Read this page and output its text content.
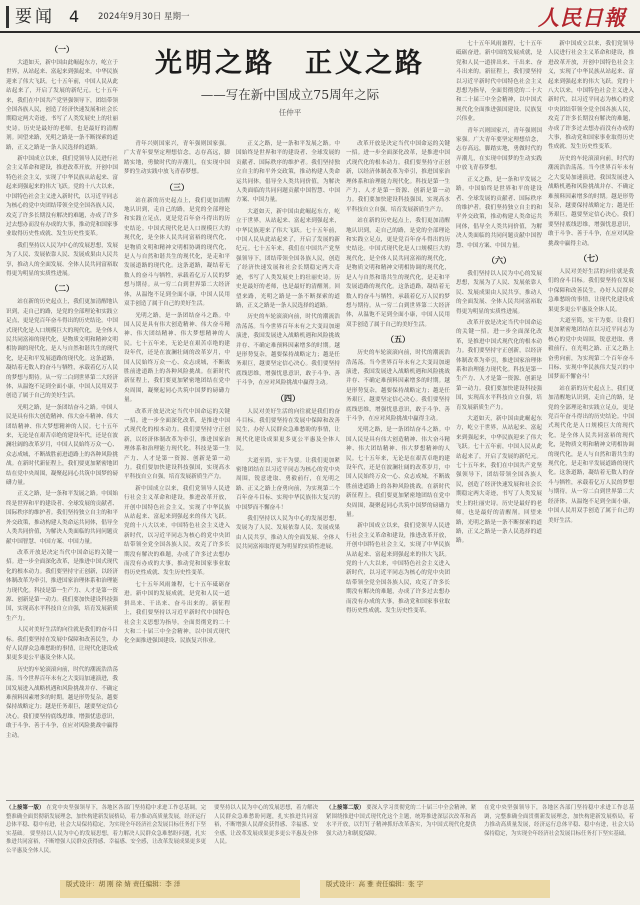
要闻 4 2024年9月30日 星期一	人民日報
光明之路　正义之路
——写在新中国成立75周年之际
任仲平
（一）

大道如天，新中国由此崛起东方，屹立于世界，从站起来、富起来到强起来，中华民族迎来了伟大飞跃。七十五年前，中国人民从此站起来了，开启了发展的新纪元。七十五年来，我们在中国共产党坚强领导下，团结带领全国各族人民，创造了经济快速发展和社会长期稳定两大奇迹，书写了人类发展史上的壮丽史诗。历史是最好的老师，也是最好的清醒剂。回望来路，光明之路是一条不断探索的道路，正义之路是一条人民选择的道路。

新中国成立以来，我们党领导人民进行社会主义革命和建设，推进改革开放，开创中国特色社会主义，实现了中华民族从站起来、富起来到强起来的伟大飞跃。党的十八大以来，中国特色社会主义进入新时代，以习近平同志为核心的党中央团结带领全党全国各族人民，攻克了许多长期没有解决的难题，办成了许多过去想办而没有办成的大事，推动党和国家事业取得历史性成就、发生历史性变革。

我们坚持以人民为中心的发展思想，发展为了人民、发展依靠人民、发展成果由人民共享，推动人的全面发展、全体人民共同富裕取得更为明显的实质性进展。

（二）

站在新的历史起点上，我们更加清醒地认识到，走自己的路，是党的全部理论和实践立足点，更是党百年奋斗得出的历史结论。中国式现代化是人口规模巨大的现代化，是全体人民共同富裕的现代化，是物质文明和精神文明相协调的现代化，是人与自然和谐共生的现代化，是走和平发展道路的现代化。这条道路，凝结着无数人的奋斗与牺牲，承载着亿万人民的梦想与期待。从一穷二白到世界第二大经济体，从温饱不足到全面小康，中国人民用双手创造了属于自己的美好生活。

光明之路，是一条团结奋斗之路。中国人民是具有伟大创造精神、伟大奋斗精神、伟大团结精神、伟大梦想精神的人民。七十五年来，无论是在艰苦卓绝的建设年代，还是在波澜壮阔的改革岁月，中国人民始终万众一心、众志成城，不断战胜前进道路上的各种风险挑战。在新时代新征程上，我们要更加紧密地团结在党中央周围，凝聚起同心共筑中国梦的磅礴力量。

正义之路，是一条和平发展之路。中国始终是世界和平的建设者、全球发展的贡献者、国际秩序的维护者。我们坚持独立自主的和平外交政策，推动构建人类命运共同体，倡导全人类共同价值，为解决人类面临的共同问题贡献中国智慧、中国方案、中国力量。

改革开放是决定当代中国命运的关键一招。进一步全面深化改革，是推进中国式现代化的根本动力。我们要坚持守正创新，以经济体制改革为牵引，推进国家治理体系和治理能力现代化。科技是第一生产力、人才是第一资源、创新是第一动力。我们要加快建设科技强国，实现高水平科技自立自强，培育发展新质生产力。

人民对美好生活的向往就是我们的奋斗目标。我们要坚持在发展中保障和改善民生，办好人民群众急难愁盼的事情，让现代化建设成果更多更公平惠及全体人民。

历史的车轮滚滚向前，时代的潮流浩浩荡荡。当今世界百年未有之大变局加速演进，我国发展进入战略机遇和风险挑战并存、不确定难预料因素增多的时期。越是形势复杂，越要保持战略定力；越是任务艰巨，越要坚定信心决心。我们要坚持底线思维，增强忧患意识，敢于斗争、善于斗争，在应对风险挑战中赢得主动。

青年兴则国家兴，青年强则国家强。广大青年要坚定理想信念，志存高远，脚踏实地，勇做时代的弄潮儿，在实现中国梦的生动实践中放飞青春梦想。

（三）

站在新的历史起点上，我们更加清醒地认识到，走自己的路，是党的全部理论和实践立足点，更是党百年奋斗得出的历史结论。中国式现代化是人口规模巨大的现代化，是全体人民共同富裕的现代化，是物质文明和精神文明相协调的现代化，是人与自然和谐共生的现代化，是走和平发展道路的现代化。这条道路，凝结着无数人的奋斗与牺牲，承载着亿万人民的梦想与期待。从一穷二白到世界第二大经济体，从温饱不足到全面小康，中国人民用双手创造了属于自己的美好生活。

光明之路，是一条团结奋斗之路。中国人民是具有伟大创造精神、伟大奋斗精神、伟大团结精神、伟大梦想精神的人民。七十五年来，无论是在艰苦卓绝的建设年代，还是在波澜壮阔的改革岁月，中国人民始终万众一心、众志成城，不断战胜前进道路上的各种风险挑战。在新时代新征程上，我们要更加紧密地团结在党中央周围，凝聚起同心共筑中国梦的磅礴力量。

改革开放是决定当代中国命运的关键一招。进一步全面深化改革，是推进中国式现代化的根本动力。我们要坚持守正创新，以经济体制改革为牵引，推进国家治理体系和治理能力现代化。科技是第一生产力、人才是第一资源、创新是第一动力。我们要加快建设科技强国，实现高水平科技自立自强，培育发展新质生产力。

新中国成立以来，我们党领导人民进行社会主义革命和建设，推进改革开放，开创中国特色社会主义，实现了中华民族从站起来、富起来到强起来的伟大飞跃。党的十八大以来，中国特色社会主义进入新时代，以习近平同志为核心的党中央团结带领全党全国各族人民，攻克了许多长期没有解决的难题，办成了许多过去想办而没有办成的大事，推动党和国家事业取得历史性成就、发生历史性变革。

七十五年风雨兼程，七十五年砥砺奋进。新中国的发展成就，是党和人民一道拼出来、干出来、奋斗出来的。新征程上，我们要坚持以习近平新时代中国特色社会主义思想为指导，全面贯彻党的二十大和二十届三中全会精神，以中国式现代化全面推进强国建设、民族复兴伟业。

正义之路，是一条和平发展之路。中国始终是世界和平的建设者、全球发展的贡献者、国际秩序的维护者。我们坚持独立自主的和平外交政策，推动构建人类命运共同体，倡导全人类共同价值，为解决人类面临的共同问题贡献中国智慧、中国方案、中国力量。

大道如天，新中国由此崛起东方，屹立于世界，从站起来、富起来到强起来，中华民族迎来了伟大飞跃。七十五年前，中国人民从此站起来了，开启了发展的新纪元。七十五年来，我们在中国共产党坚强领导下，团结带领全国各族人民，创造了经济快速发展和社会长期稳定两大奇迹，书写了人类发展史上的壮丽史诗。历史是最好的老师，也是最好的清醒剂。回望来路，光明之路是一条不断探索的道路，正义之路是一条人民选择的道路。

历史的车轮滚滚向前，时代的潮流浩浩荡荡。当今世界百年未有之大变局加速演进，我国发展进入战略机遇和风险挑战并存、不确定难预料因素增多的时期。越是形势复杂，越要保持战略定力；越是任务艰巨，越要坚定信心决心。我们要坚持底线思维，增强忧患意识，敢于斗争、善于斗争，在应对风险挑战中赢得主动。

（四）

人民对美好生活的向往就是我们的奋斗目标。我们要坚持在发展中保障和改善民生，办好人民群众急难愁盼的事情，让现代化建设成果更多更公平惠及全体人民。

大道至简，实干为要。让我们更加紧密地团结在以习近平同志为核心的党中央周围，锐意进取、勇毅前行，在光明之路、正义之路上奋勇向前，为实现第二个百年奋斗目标、实现中华民族伟大复兴的中国梦而不懈奋斗！

我们坚持以人民为中心的发展思想，发展为了人民、发展依靠人民、发展成果由人民共享，推动人的全面发展、全体人民共同富裕取得更为明显的实质性进展。

改革开放是决定当代中国命运的关键一招。进一步全面深化改革，是推进中国式现代化的根本动力。我们要坚持守正创新，以经济体制改革为牵引，推进国家治理体系和治理能力现代化。科技是第一生产力、人才是第一资源、创新是第一动力。我们要加快建设科技强国，实现高水平科技自立自强，培育发展新质生产力。

站在新的历史起点上，我们更加清醒地认识到，走自己的路，是党的全部理论和实践立足点，更是党百年奋斗得出的历史结论。中国式现代化是人口规模巨大的现代化，是全体人民共同富裕的现代化，是物质文明和精神文明相协调的现代化，是人与自然和谐共生的现代化，是走和平发展道路的现代化。这条道路，凝结着无数人的奋斗与牺牲，承载着亿万人民的梦想与期待。从一穷二白到世界第二大经济体，从温饱不足到全面小康，中国人民用双手创造了属于自己的美好生活。

（五）

历史的车轮滚滚向前，时代的潮流浩浩荡荡。当今世界百年未有之大变局加速演进，我国发展进入战略机遇和风险挑战并存、不确定难预料因素增多的时期。越是形势复杂，越要保持战略定力；越是任务艰巨，越要坚定信心决心。我们要坚持底线思维，增强忧患意识，敢于斗争、善于斗争，在应对风险挑战中赢得主动。

光明之路，是一条团结奋斗之路。中国人民是具有伟大创造精神、伟大奋斗精神、伟大团结精神、伟大梦想精神的人民。七十五年来，无论是在艰苦卓绝的建设年代，还是在波澜壮阔的改革岁月，中国人民始终万众一心、众志成城，不断战胜前进道路上的各种风险挑战。在新时代新征程上，我们要更加紧密地团结在党中央周围，凝聚起同心共筑中国梦的磅礴力量。

新中国成立以来，我们党领导人民进行社会主义革命和建设，推进改革开放，开创中国特色社会主义，实现了中华民族从站起来、富起来到强起来的伟大飞跃。党的十八大以来，中国特色社会主义进入新时代，以习近平同志为核心的党中央团结带领全党全国各族人民，攻克了许多长期没有解决的难题，办成了许多过去想办而没有办成的大事，推动党和国家事业取得历史性成就、发生历史性变革。

七十五年风雨兼程，七十五年砥砺奋进。新中国的发展成就，是党和人民一道拼出来、干出来、奋斗出来的。新征程上，我们要坚持以习近平新时代中国特色社会主义思想为指导，全面贯彻党的二十大和二十届三中全会精神，以中国式现代化全面推进强国建设、民族复兴伟业。

青年兴则国家兴，青年强则国家强。广大青年要坚定理想信念，志存高远，脚踏实地，勇做时代的弄潮儿，在实现中国梦的生动实践中放飞青春梦想。

正义之路，是一条和平发展之路。中国始终是世界和平的建设者、全球发展的贡献者、国际秩序的维护者。我们坚持独立自主的和平外交政策，推动构建人类命运共同体，倡导全人类共同价值，为解决人类面临的共同问题贡献中国智慧、中国方案、中国力量。

（六）

我们坚持以人民为中心的发展思想，发展为了人民、发展依靠人民、发展成果由人民共享，推动人的全面发展、全体人民共同富裕取得更为明显的实质性进展。

改革开放是决定当代中国命运的关键一招。进一步全面深化改革，是推进中国式现代化的根本动力。我们要坚持守正创新，以经济体制改革为牵引，推进国家治理体系和治理能力现代化。科技是第一生产力、人才是第一资源、创新是第一动力。我们要加快建设科技强国，实现高水平科技自立自强，培育发展新质生产力。

大道如天，新中国由此崛起东方，屹立于世界，从站起来、富起来到强起来，中华民族迎来了伟大飞跃。七十五年前，中国人民从此站起来了，开启了发展的新纪元。七十五年来，我们在中国共产党坚强领导下，团结带领全国各族人民，创造了经济快速发展和社会长期稳定两大奇迹，书写了人类发展史上的壮丽史诗。历史是最好的老师，也是最好的清醒剂。回望来路，光明之路是一条不断探索的道路，正义之路是一条人民选择的道路。

新中国成立以来，我们党领导人民进行社会主义革命和建设，推进改革开放，开创中国特色社会主义，实现了中华民族从站起来、富起来到强起来的伟大飞跃。党的十八大以来，中国特色社会主义进入新时代，以习近平同志为核心的党中央团结带领全党全国各族人民，攻克了许多长期没有解决的难题，办成了许多过去想办而没有办成的大事，推动党和国家事业取得历史性成就、发生历史性变革。

历史的车轮滚滚向前，时代的潮流浩浩荡荡。当今世界百年未有之大变局加速演进，我国发展进入战略机遇和风险挑战并存、不确定难预料因素增多的时期。越是形势复杂，越要保持战略定力；越是任务艰巨，越要坚定信心决心。我们要坚持底线思维，增强忧患意识，敢于斗争、善于斗争，在应对风险挑战中赢得主动。

（七）

人民对美好生活的向往就是我们的奋斗目标。我们要坚持在发展中保障和改善民生，办好人民群众急难愁盼的事情，让现代化建设成果更多更公平惠及全体人民。

大道至简，实干为要。让我们更加紧密地团结在以习近平同志为核心的党中央周围，锐意进取、勇毅前行，在光明之路、正义之路上奋勇向前，为实现第二个百年奋斗目标、实现中华民族伟大复兴的中国梦而不懈奋斗！

站在新的历史起点上，我们更加清醒地认识到，走自己的路，是党的全部理论和实践立足点，更是党百年奋斗得出的历史结论。中国式现代化是人口规模巨大的现代化，是全体人民共同富裕的现代化，是物质文明和精神文明相协调的现代化，是人与自然和谐共生的现代化，是走和平发展道路的现代化。这条道路，凝结着无数人的奋斗与牺牲，承载着亿万人民的梦想与期待。从一穷二白到世界第二大经济体，从温饱不足到全面小康，中国人民用双手创造了属于自己的美好生活。

（上接第一版） 在党中央坚强领导下，各地区各部门坚持稳中求进工作总基调，完整准确全面贯彻新发展理念，加快构建新发展格局，着力推动高质量发展，经济运行总体平稳、稳中有进，社会大局保持稳定，为实现全年经济社会发展目标任务打下坚实基础。 要坚持以人民为中心的发展思想，着力解决人民群众急难愁盼问题，扎实推进共同富裕，不断增强人民群众获得感、幸福感、安全感，让改革发展成果更多更公平惠及全体人民。
要坚持以人民为中心的发展思想，着力解决人民群众急难愁盼问题，扎实推进共同富裕，不断增强人民群众获得感、幸福感、安全感，让改革发展成果更多更公平惠及全体人民。
（上接第二版） 要深入学习贯彻党的二十届三中全会精神，紧紧围绕推进中国式现代化这个主题，统筹推进深层次改革和高水平开放，以钉钉子精神抓好改革落实，为中国式现代化提供强大动力和制度保障。
在党中央坚强领导下，各地区各部门坚持稳中求进工作总基调，完整准确全面贯彻新发展理念，加快构建新发展格局，着力推动高质量发展，经济运行总体平稳、稳中有进，社会大局保持稳定，为实现全年经济社会发展目标任务打下坚实基础。
版式设计：胡 刚 徐 婧 责任编辑：李 洋	版式设计：高 雅 责任编辑：张 宇
